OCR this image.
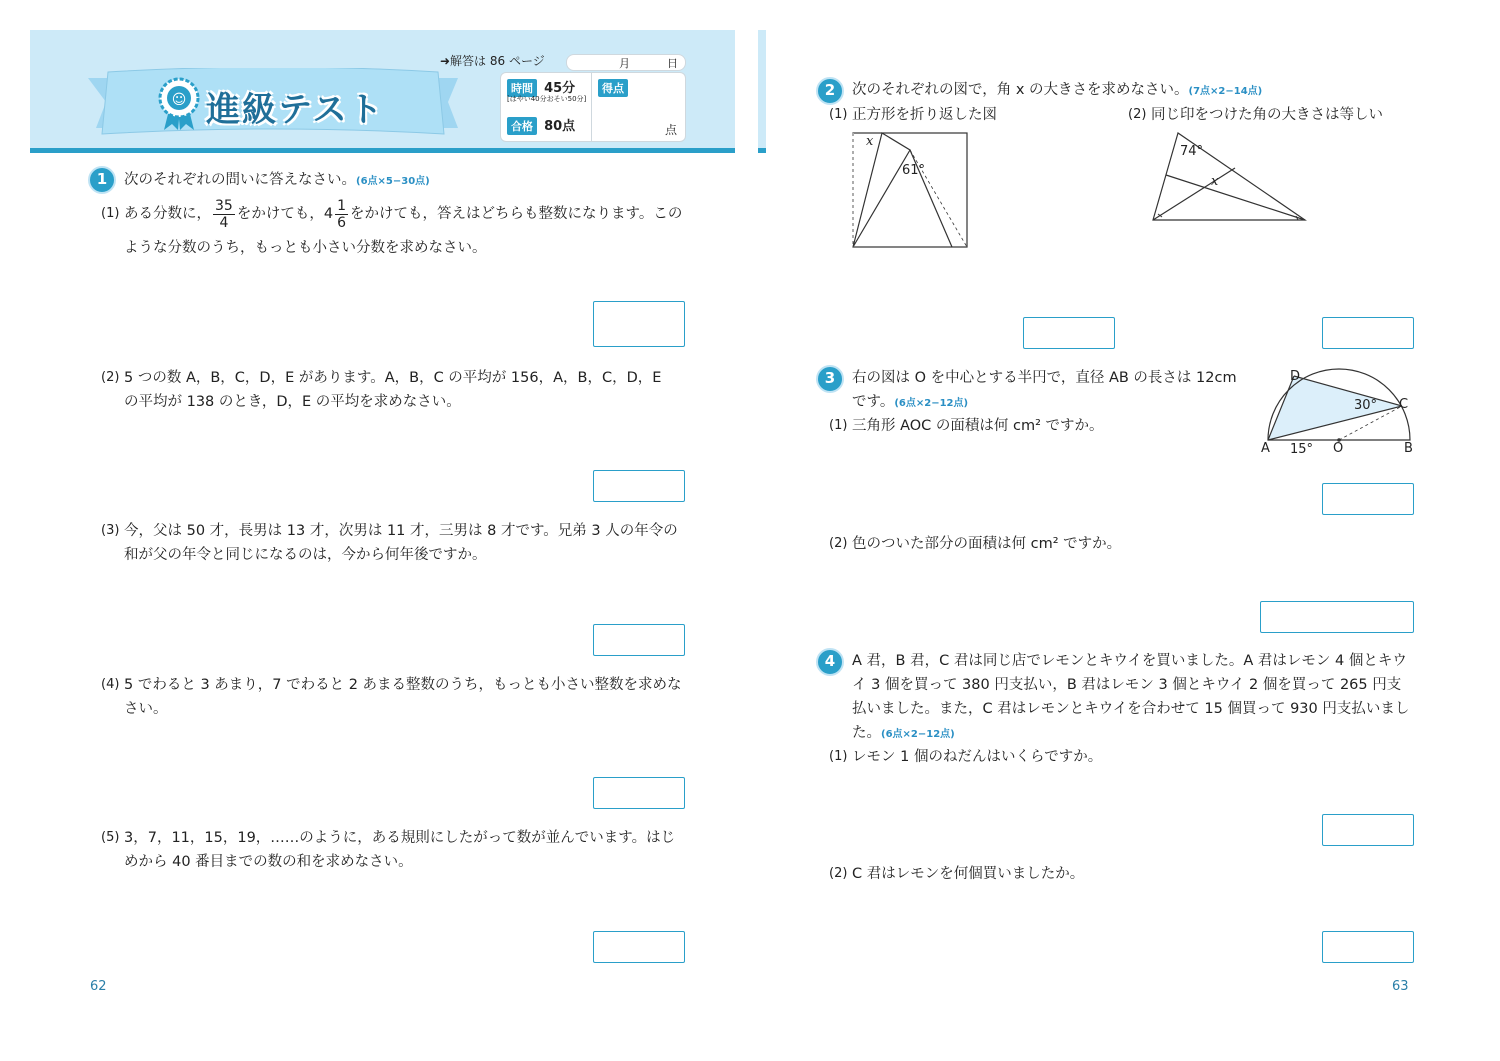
☺ 進級テスト
➜解答は 86 ページ	月	日
時間 45分
[はやい40分おそい50分]
合格 80点
得点
点
1	次のそれぞれの問いに答えなさい。(6点×5−30点)
(1) ある分数に， $\frac{35}{4}$ をかけても，$4 \frac{1}{6}$ をかけても，答えはどちらも整数になります。この
ような分数のうち，もっとも小さい分数を求めなさい。
(2) 5 つの数 A，B，C，D，E があります。A，B，C の平均が 156，A，B，C，D，E
の平均が 138 のとき，D，E の平均を求めなさい。
(3) 今，父は 50 才，長男は 13 才，次男は 11 才，三男は 8 才です。兄弟 3 人の年令の
和が父の年令と同じになるのは，今から何年後ですか。
(4) 5 でわると 3 あまり，7 でわると 2 あまる整数のうち，もっとも小さい整数を求めな
さい。
(5) 3，7，11，15，19，……のように，ある規則にしたがって数が並んでいます。はじ
めから 40 番目までの数の和を求めなさい。
62
2	次のそれぞれの図で，角 x の大きさを求めなさい。(7点×2−14点)
(1) 正方形を折り返した図	(2) 同じ印をつけた角の大きさは等しい
x
61°
74°
x
3	右の図は O を中心とする半円で，直径 AB の長さは 12cm
です。(6点×2−12点)
(1) 三角形 AOC の面積は何 cm² ですか。
D
C
A	O	B
30°
15°
(2) 色のついた部分の面積は何 cm² ですか。
4	A 君，B 君，C 君は同じ店でレモンとキウイを買いました。A 君はレモン 4 個とキウ
イ 3 個を買って 380 円支払い，B 君はレモン 3 個とキウイ 2 個を買って 265 円支
払いました。また，C 君はレモンとキウイを合わせて 15 個買って 930 円支払いまし
た。(6点×2−12点)
(1) レモン 1 個のねだんはいくらですか。
(2) C 君はレモンを何個買いましたか。
63
